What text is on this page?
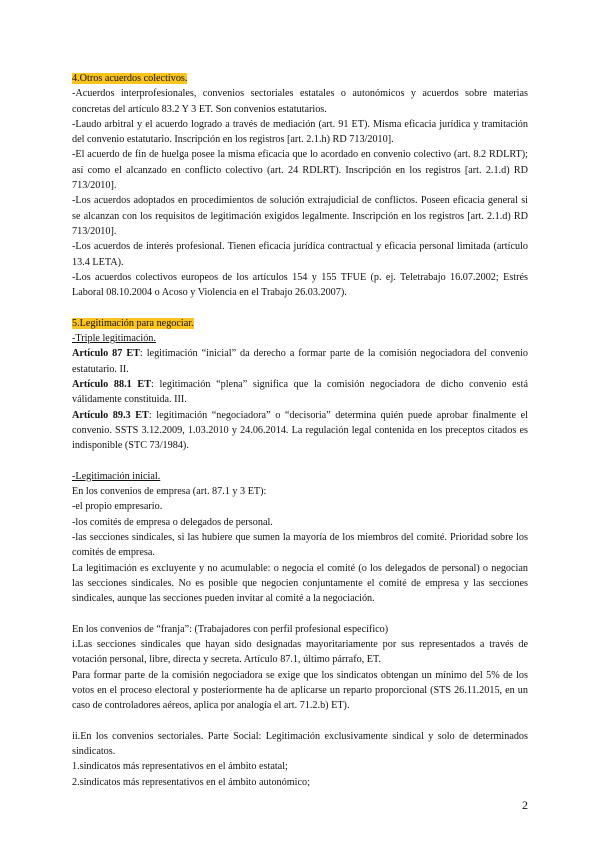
4.Otros acuerdos colectivos.

-Acuerdos interprofesionales, convenios sectoriales estatales o autonómicos y acuerdos sobre materias concretas del artículo 83.2 Y 3 ET. Son convenios estatutarios.

-Laudo arbitral y el acuerdo logrado a través de mediación (art. 91 ET). Misma eficacia jurídica y tramitación del convenio estatutario. Inscripción en los registros [art. 2.1.h) RD 713/2010].

-El acuerdo de fin de huelga posee la misma eficacia que lo acordado en convenio colectivo (art. 8.2 RDLRT); así como el alcanzado en conflicto colectivo (art. 24 RDLRT). Inscripción en los registros [art. 2.1.d) RD 713/2010].

-Los acuerdos adoptados en procedimientos de solución extrajudicial de conflictos. Poseen eficacia general si se alcanzan con los requisitos de legitimación exigidos legalmente. Inscripción en los registros [art. 2.1.d) RD 713/2010].

-Los acuerdos de interés profesional. Tienen eficacia jurídica contractual y eficacia personal limitada (artículo 13.4 LETA).

-Los acuerdos colectivos europeos de los artículos 154 y 155 TFUE (p. ej. Teletrabajo 16.07.2002; Estrés Laboral 08.10.2004 o Acoso y Violencia en el Trabajo 26.03.2007).

5.Legitimación para negociar.

-Triple legitimación.

Artículo 87 ET: legitimación “inicial” da derecho a formar parte de la comisión negociadora del convenio estatutario. II.

Artículo 88.1 ET: legitimación “plena” significa que la comisión negociadora de dicho convenio está válidamente constituida. III.

Artículo 89.3 ET: legitimación “negociadora” o “decisoria” determina quién puede aprobar finalmente el convenio. SSTS 3.12.2009, 1.03.2010 y 24.06.2014. La regulación legal contenida en los preceptos citados es indisponible (STC 73/1984).

-Legitimación inicial.

En los convenios de empresa (art. 87.1 y 3 ET):

-el propio empresario.

-los comités de empresa o delegados de personal.

-las secciones sindicales, si las hubiere que sumen la mayoría de los miembros del comité. Prioridad sobre los comités de empresa.

La legitimación es excluyente y no acumulable: o negocia el comité (o los delegados de personal) o negocian las secciones sindicales. No es posible que negocien conjuntamente el comité de empresa y las secciones sindicales, aunque las secciones pueden invitar al comité a la negociación.

En los convenios de “franja”: (Trabajadores con perfil profesional específico)

i.Las secciones sindicales que hayan sido designadas mayoritariamente por sus representados a través de votación personal, libre, directa y secreta. Artículo 87.1, último párrafo, ET.

Para formar parte de la comisión negociadora se exige que los sindicatos obtengan un mínimo del 5% de los votos en el proceso electoral y posteriormente ha de aplicarse un reparto proporcional (STS 26.11.2015, en un caso de controladores aéreos, aplica por analogía el art. 71.2.b) ET).

ii.En los convenios sectoriales. Parte Social: Legitimación exclusivamente sindical y solo de determinados sindicatos.

1.sindicatos más representativos en el ámbito estatal;

2.sindicatos más representativos en el ámbito autonómico;

2
